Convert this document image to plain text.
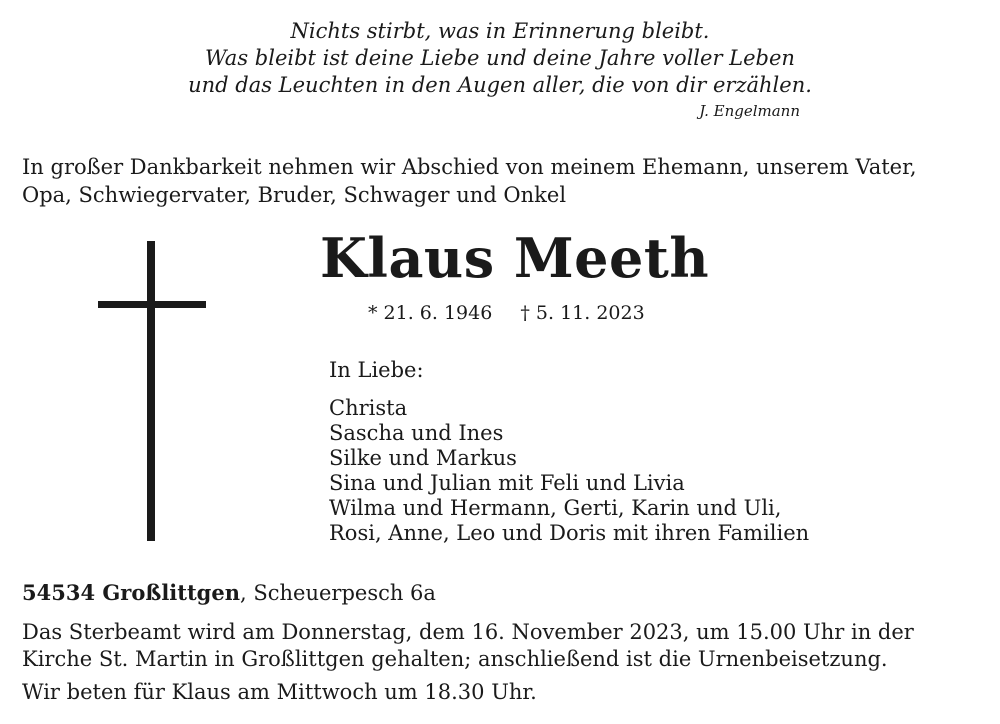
Nichts stirbt, was in Erinnerung bleibt.
Was bleibt ist deine Liebe und deine Jahre voller Leben
und das Leuchten in den Augen aller, die von dir erzählen.
J. Engelmann
In großer Dankbarkeit nehmen wir Abschied von meinem Ehemann, unserem Vater,
Opa, Schwiegervater, Bruder, Schwager und Onkel
Klaus Meeth
* 21. 6. 1946 † 5. 11. 2023
In Liebe:
Christa
Sascha und Ines
Silke und Markus
Sina und Julian mit Feli und Livia
Wilma und Hermann, Gerti, Karin und Uli,
Rosi, Anne, Leo und Doris mit ihren Familien
54534 Großlittgen, Scheuerpesch 6a
Das Sterbeamt wird am Donnerstag, dem 16. November 2023, um 15.00 Uhr in der
Kirche St. Martin in Großlittgen gehalten; anschließend ist die Urnenbeisetzung.
Wir beten für Klaus am Mittwoch um 18.30 Uhr.
